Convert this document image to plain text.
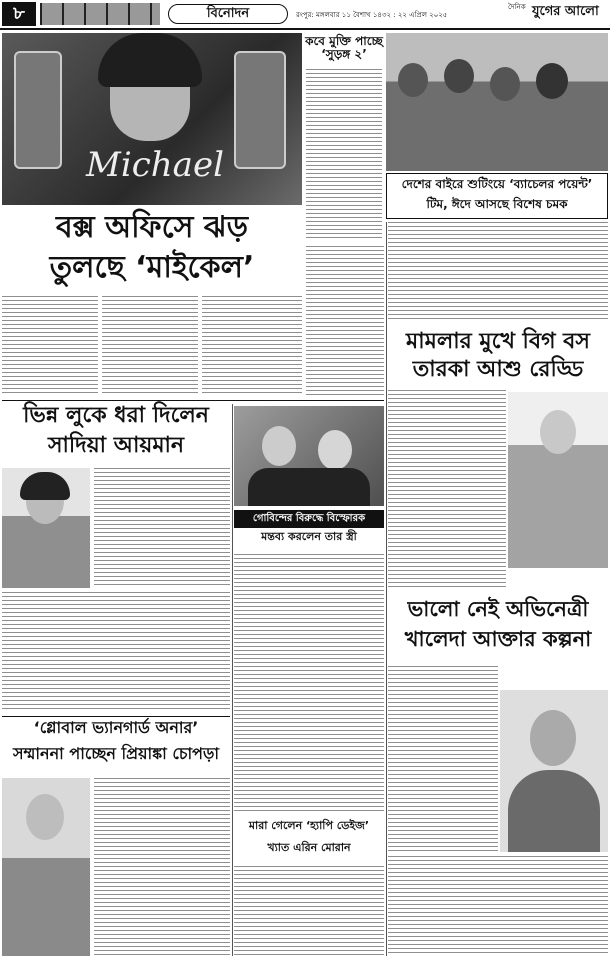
৮	বিনোদন	রংপুর: মঙ্গলবার ১১ বৈশাখ ১৪৩২ : ২২ এপ্রিল ২০২৫
দৈনিক যুগের আলো
Michael
কবে মুক্তি পাচ্ছে ‘সুড়ঙ্গ ২’
দেশের বাইরে শুটিংয়ে ‘ব্যাচেলর পয়েন্ট’
টিম, ঈদে আসছে বিশেষ চমক
বক্স অফিসে ঝড়
তুলছে ‘মাইকেল’
মামলার মুখে বিগ বস
তারকা আশু রেড্ডি
ভিন্ন লুকে ধরা দিলেন
সাদিয়া আয়মান
গোবিন্দের বিরুদ্ধে বিস্ফোরক
মন্তব্য করলেন তার স্ত্রী
ভালো নেই অভিনেত্রী
খালেদা আক্তার কল্পনা
‘গ্লোবাল ভ্যানগার্ড অনার’
সম্মাননা পাচ্ছেন প্রিয়াঙ্কা চোপড়া
মারা গেলেন ‘হ্যাপি ডেইজ’
খ্যাত এরিন মোরান
